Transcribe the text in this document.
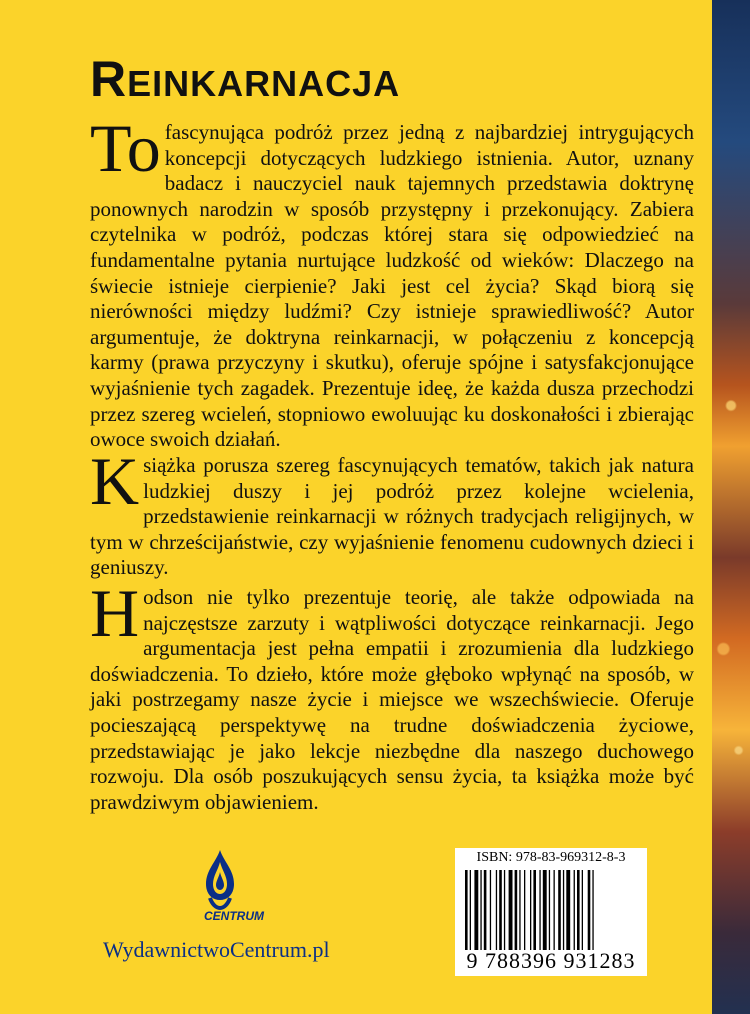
REINKARNACJA

To fascynująca podróż przez jedną z najbardziej intrygujących koncepcji dotyczących ludzkiego istnienia. Autor, uznany badacz i nauczyciel nauk tajemnych przedstawia doktrynę ponownych narodzin w sposób przystępny i przekonujący. Zabiera czytelnika w podróż, podczas której stara się odpowiedzieć na fundamentalne pytania nurtujące ludzkość od wieków: Dlaczego na świecie istnieje cierpienie? Jaki jest cel życia? Skąd biorą się nierówności między ludźmi? Czy istnieje sprawiedliwość? Autor argumentuje, że doktryna reinkarnacji, w połączeniu z koncepcją karmy (prawa przyczyny i skutku), oferuje spójne i satysfakcjonujące wyjaśnienie tych zagadek. Prezentuje ideę, że każda dusza przechodzi przez szereg wcieleń, stopniowo ewoluując ku doskonałości i zbierając owoce swoich działań.

Książka porusza szereg fascynujących tematów, takich jak natura ludzkiej duszy i jej podróż przez kolejne wcielenia, przedstawienie reinkarnacji w różnych tradycjach religijnych, w tym w chrześcijaństwie, czy wyjaśnienie fenomenu cudownych dzieci i geniuszy.

Hodson nie tylko prezentuje teorię, ale także odpowiada na najczęstsze zarzuty i wątpliwości dotyczące reinkarnacji. Jego argumentacja jest pełna empatii i zrozumienia dla ludzkiego doświadczenia. To dzieło, które może głęboko wpłynąć na sposób, w jaki postrzegamy nasze życie i miejsce we wszechświecie. Oferuje pocieszającą perspektywę na trudne doświadczenia życiowe, przedstawiając je jako lekcje niezbędne dla naszego duchowego rozwoju. Dla osób poszukujących sensu życia, ta książka może być prawdziwym objawieniem.

CENTRUM
WydawnictwoCentrum.pl
ISBN: 978-83-969312-8-3
9 788396 931283
